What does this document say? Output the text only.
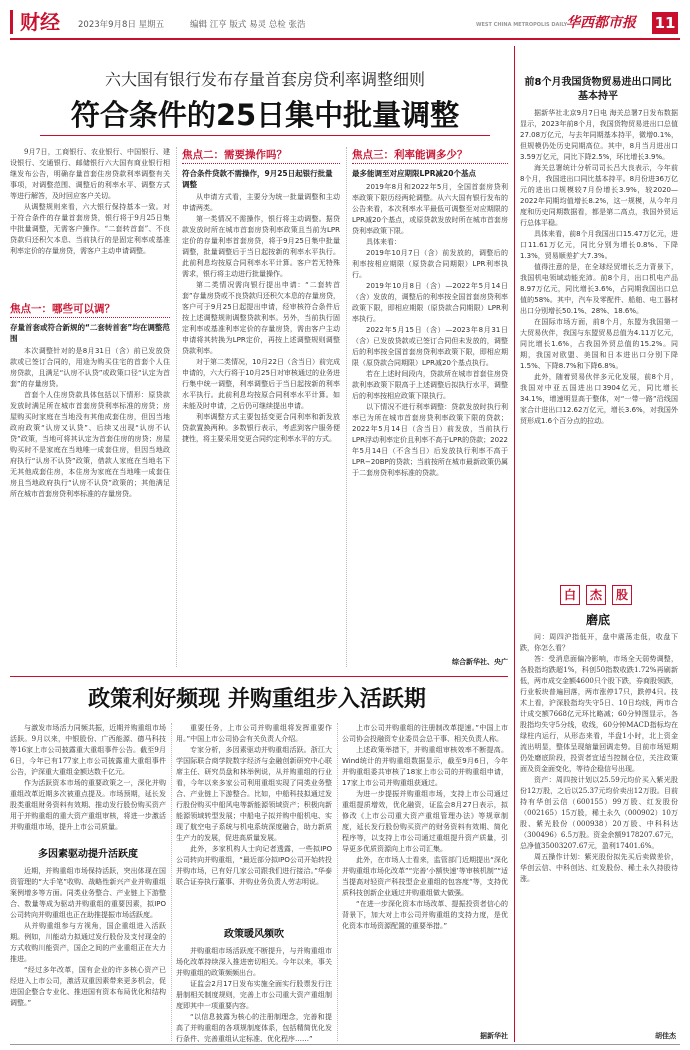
财经 2023年9月8日 星期五	编辑 江亨 版式 易灵 总检 张浩	WEST CHINA METROPOLIS DAILY
华西都市报	11
六大国有银行发布存量首套房贷利率调整细则
符合条件的25日集中批量调整

9月7日，工商银行、农业银行、中国银行、建设银行、交通银行、邮储银行六大国有商业银行相继发布公告，明确存量首套住房贷款利率调整有关事项，对调整范围、调整后的利率水平、调整方式等进行解答，及时回应客户关切。

从调整规则来看，六大银行保持基本一致。对于符合条件的存量首套房贷，银行将于9月25日集中批量调整，无需客户操作。“二套转首套”、不良贷款归还积欠本息、当前执行的是固定利率或基准利率定价的存量房贷，需客户主动申请调整。

焦点一：哪些可以调？
存量首套或符合新规的“二套转首套”均在调整范围

本次调整针对的是8月31日（含）前已发放贷款或已签订合同的，用途为购买住宅的首套个人住房贷款，且满足“认房不认贷”或政策口径“认定为首套”的存量房贷。

首套个人住房贷款具体包括以下情形：原贷款发放时满足所在城市首套房贷利率标准的房贷；房屋购买时家庭在当地没有其他成套住房，但因当地政府政策“认房又认贷”、后续又出现“认房不认贷”政策，当地可将其认定为首套住房的房贷；房屋购买时不是家庭在当地唯一成套住房，但因当地政府执行“认房不认贷”政策，借款人家庭在当地名下无其他成套住房，本住房为家庭在当地唯一成套住房且当地政府执行“认房不认贷”政策的；其他满足所在城市首套房贷利率标准的存量房贷。

焦点二：需要操作吗？
符合条件贷款不需操作，9月25日起银行批量调整

从申请方式看，主要分为统一批量调整和主动申请两类。

第一类情况不需操作，银行将主动调整。据贷款发放时所在城市首套房贷利率政策且当前为LPR定价的存量利率首套房贷，将于9月25日集中批量调整，批量调整后于当日起按新的利率水平执行。此前利息均按原合同利率水平计算。客户若无特殊需求，银行将主动进行批量操作。

第二类情况需向银行提出申请：“二套转首套”存量房贷或不良贷款归还积欠本息的存量房贷，客户可于9月25日起提出申请，经审核符合条件后按上述调整规则调整贷款利率。另外，当前执行固定利率或基准利率定价的存量房贷，需由客户主动申请将其转换为LPR定价，再按上述调整规则调整贷款利率。

对于第二类情况，10月22日（含当日）前完成申请的，六大行将于10月25日对审核通过的业务进行集中统一调整，利率调整后于当日起按新的利率水平执行。此前利息均按原合同利率水平计算。如未能及时申请，之后仍可继续提出申请。

利率调整方式主要包括变更合同利率和新发放贷款置换两种。多数银行表示，考虑到客户服务便捷性，将主要采用变更合同约定利率水平的方式。

焦点三：利率能调多少？
最多能调至对应期限LPR减20个基点

2019年8月和2022年5月，全国首套房贷利率政策下限历经两轮调整。从六大国有银行发布的公告来看，本次利率水平最低可调整至对应期限的LPR减20个基点，或原贷款发放时所在城市首套房贷利率政策下限。

具体来看：

2019年10月7日（含）前发放的，调整后的利率按相应期限（原贷款合同期限）LPR利率执行。

2019年10月8日（含）—2022年5月14日（含）发放的，调整后的利率按全国首套房贷利率政策下限，即相应期限（原贷款合同期限）LPR利率执行。

2022年5月15日（含）—2023年8月31日（含）已发放贷款或已签订合同但未发放的，调整后的利率按全国首套房贷利率政策下限，即相应期限（原贷款合同期限）LPR减20个基点执行。

若在上述时间段内，贷款所在城市首套住房贷款利率政策下限高于上述调整后拟执行水平，调整后的利率按相应政策下限执行。

以下情况不进行利率调整：贷款发放时执行利率已为所在城市首套房贷利率政策下限的贷款；2022年5月14日（含当日）前发放，当前执行LPR浮动利率定价且利率不高于LPR的贷款；2022年5月14日（不含当日）后发放执行利率不高于LPR−20BP的贷款；当前按所在城市最新政策仍属于二套房贷利率标准的贷款。

综合新华社、央广
前8个月我国货物贸易进出口同比基本持平

据新华社北京9月7日电 海关总署7日发布数据显示，2023年前8个月，我国货物贸易进出口总值27.08万亿元，与去年同期基本持平，微增0.1%，但规模仍处历史同期高位。其中，8月当月进出口3.59万亿元，同比下降2.5%，环比增长3.9%。

海关总署统计分析司司长吕大良表示，今年前8个月，我国进出口同比基本持平。8月份进36万亿元的进出口规模较7月份增长3.9%，较2020—2022年同期均值增长8.2%，这一规模，从今年月度和历史同期数据看，都是第二高点，我国外贸运行总体平稳。

具体来看，前8个月我国出口15.47万亿元，进口11.61万亿元，同比分别为增长0.8%、下降1.3%，贸易顺差扩大7.3%。

值得注意的是，在全球经贸增长乏力背景下，我国机电领域动能充沛。前8个月，出口机电产品8.97万亿元，同比增长3.6%，占同期我国出口总值的58%。其中，汽车及零配件、船舶、电工器材出口分别增长50.1%、28%、18.6%。

在国际市场方面，前8个月，东盟为我国第一大贸易伙伴，我国与东盟贸易总值为4.11万亿元，同比增长1.6%，占我国外贸总值的15.2%。同期，我国对欧盟、美国和日本进出口分别下降1.5%、下降8.7%和下降6.8%。

此外，随着贸易伙伴多元化发展，前8个月，我国对中亚五国进出口3904亿元，同比增长34.1%，增速明显高于整体，对“一带一路”沿线国家合计进出口12.62万亿元，增长3.6%，对我国外贸形成1.6个百分点的拉动。

白 杰 股
磨底

问：周四沪指低开，盘中震荡走低，收盘下跌，你怎么看？

答：受消息面偏冷影响，市场全天弱势调整，各股指均跌超1%，科创50指数收跌1.72%再刷新低，两市成交金额4600只个股下跌，券商股领跌，行业板块普遍回落，两市涨停17只，跌停4只。技术上看，沪深股指均失守5日、10日均线，两市合计成交额7668亿元环比略减；60分钟图显示，各股指均失守5分线，收线，60分钟MACD指标均在绿柱内运行，从形态来看，半盘1小时，北上资金流出明显，整体呈现缩量回调走势。目前市场短期仍处磨底阶段，投资者宜适当控制仓位，关注政策面及资金面变化，等待企稳信号出现。

资产：周四按计划以25.59元均价买入紫光股份12万股，之后以25.37元均价卖出12万股。目前持有华创云信（600155）99万股、红发股份（002165）15万股，稀土永久（000902）10万股、紫光股份（000938）20万股、中科科达（300496）6.5万股。资金余额9178207.67元，总净值35003207.67元，盈利17401.6%。

周五操作计划：紫光股份拟先买后卖做差价，华创云信、中科创达、红发股份、稀土永久持股待涨。

胡佳杰
政策利好频现 并购重组步入活跃期

与激发市场活力同频共振，近期并购重组市场活跃。9月以来，中银股份、广西能源、德马科技等16家上市公司披露重大重组事件公告。截至9月6日，今年已有177家上市公司披露重大重组事件公告，沪深重大重组金额达数千亿元。

作为活跃资本市场的重要政策之一，深化并购重组改革近期多次被重点提及。市场预期，延长发股类重组财务资料有效期、推动发行股份购买资产用于并购重组的重大资产重组审核，将进一步激活并购重组市场，提升上市公司质量。

多因素驱动提升活跃度

近期，并购重组市场保持活跃，突出体现在国资管理的“大手笔”收购、战略性新兴产业并购重组案例增多等方面。同类业务整合、产业链上下游整合、数量等成为驱动并购重组的重要因素，拟IPO公司转向并购重组也正在助推提振市场活跃度。

从并购重组参与方视角，国企重组进入活跃期。例如，川能动力拟通过发行股份及支付现金的方式收购川能资产，国企之间的产业重组正在大力推进。

“经过多年改革，国有企业的许多核心资产已经进入上市公司，激活双重因素带来更多机会，促进国企整合专业化、推进国有资本布局优化和结构调整。”

重要任务，上市公司并购重组将发挥重要作用。”中国上市公司协会有关负责人介绍。

专家分析，多因素驱动并购重组活跃。浙江大学国际联合商学院数字经济与金融创新研究中心联席主任、研究员盘和林举例说，从并购重组的行业看，今年以来多家公司利用重组实现了同类业务整合、产业链上下游整合。比如，中船科技拟通过发行股份购买中船风电等新能源领域资产；积极向新能源领域转型发展；中船电子拟并购中船机电、实现了航空电子系统与机电系统深度融合，助力新质生产力的发展，促进高质量发展。

此外，多家机构人士向记者透露，一些拟IPO公司转向并购重组，“最近部分拟IPO公司开始转投并购市场，已有好几家公司跟我们进行接洽。”华泰联合证券执行董事、并购业务负责人劳志明说。

政策暖风频吹

并购重组市场活跃度不断提升，与并购重组市场化改革持续深入推进密切相关。今年以来，事关并购重组的政策频频出台。

证监会2月17日发布实施全面实行股票发行注册制相关制度规则，完善上市公司重大资产重组制度即其中一项重要内容。

“以信息披露为核心的注册制理念，完善和提高了并购重组的各项规制度体系，包括精简优化发行条件、完善重组认定标准、优化程序……”

上市公司并购重组的注册制改革提速。”中国上市公司协会投融资专业委员会总干事、相关负责人称。

上述政策举措下，并购重组审核效率不断提高。Wind统计的并购重组数据显示，截至9月6日，今年并购重组委共审核了18家上市公司的并购重组申请，17家上市公司并购重组获通过。

为进一步提振并购重组市场，支持上市公司通过重组提质增效，优化融资，证监会8月27日表示，拟修改《上市公司重大资产重组管理办法》等规章制度，延长发行股份购买资产的财务资料有效期、简化程序等，以支持上市公司通过重组提升资产质量，引导更多优质资源向上市公司汇集。

此外，在市场人士看来，监管部门近期提出“深化并购重组市场化改革”“完善‘小额快速’等审核机制”“适当提高对轻资产科技型企业重组的包容度”等，支持优质科技创新企业通过并购重组做大做强。

“在进一步深化资本市场改革、提振投资者信心的背景下，加大对上市公司并购重组的支持力度，是优化资本市场资源配置的重要举措。”

据新华社
